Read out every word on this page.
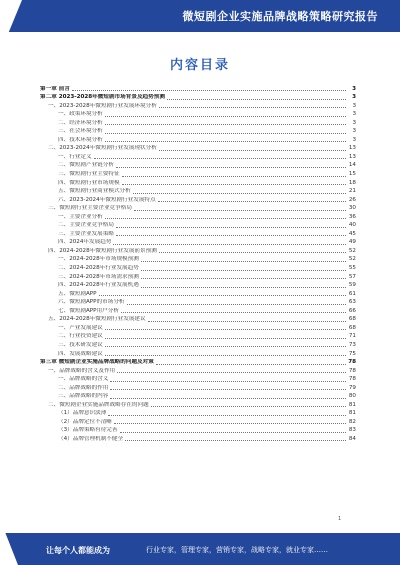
微短剧企业实施品牌战略策略研究报告
内容目录
第一章 前言	3
第二章 2023-2028年微短剧市场背景及趋势预测	3
一、2023-2028年微短剧行业发展环境分析	3
一、政策环境分析	3
二、经济环境分析	3
三、社会环境分析	3
四、技术环境分析	3
二、2023-2024年微短剧行业发展现状分析	13
一、行业定义	13
二、微短剧产业链分析	14
三、微短剧行业主要特征	15
四、微短剧行业市场规模	18
五、微短剧行业商业模式分析	21
六、2023-2024年微短剧行业发展特点	26
三、微短剧行业主要企业竞争格局	30
一、主要企业分析	36
二、主要企业竞争格局	40
三、主要企业发展策略	45
四、2024年发展趋势	49
四、2024-2028年微短剧行业发展前景预测	52
一、2024-2028年市场规模预测	52
二、2024-2028年行业发展趋势	55
三、2024-2028年市场需求预测	57
四、2024-2028年行业发展机遇	59
五、微短剧APP	61
六、微短剧APP的市场分析	63
七、微短剧APP用户分析	66
五、2024-2028年微短剧行业发展建议	68
一、产业发展建议	68
二、行业投资建议	71
三、技术研发建议	73
四、发展战略建议	75
第三章 微短剧企业实施品牌战略的问题及对策	78
一、品牌战略的含义及作用	78
一、品牌战略的含义	78
二、品牌战略的作用	79
三、品牌战略的内容	80
二、微短剧企业实施品牌战略存在的问题	81
（1）品牌意识淡薄	81
（2）品牌定位不清晰	82
（3）品牌策略有待完善	83
（4）品牌管理机制不健全	84
1
让每个人都能成为	行业专家，管理专家，营销专家，战略专家，就业专家……
